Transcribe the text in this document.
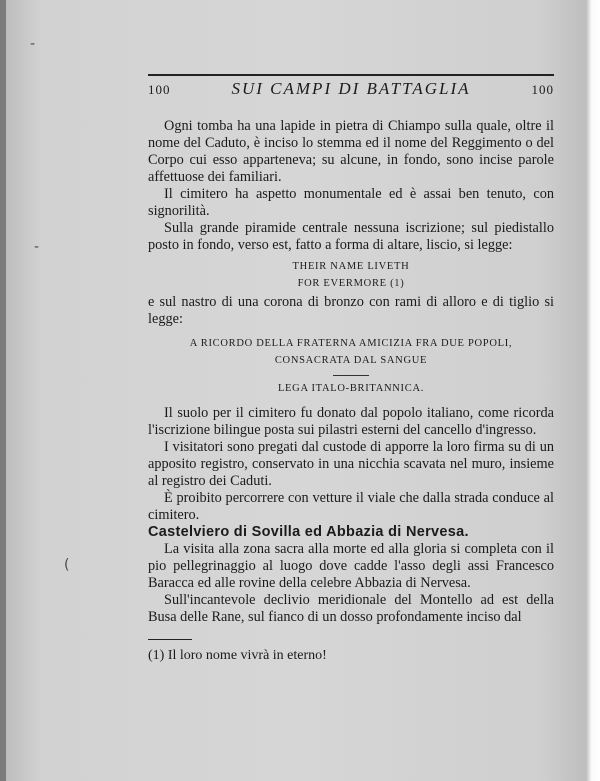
-
-
(
100	SUI CAMPI DI BATTAGLIA	100

Ogni tomba ha una lapide in pietra di Chiampo sulla quale, oltre il nome del Caduto, è inciso lo stemma ed il nome del Reggimento o del Corpo cui esso apparteneva; su alcune, in fondo, sono incise parole affettuose dei familiari.

Il cimitero ha aspetto monumentale ed è assai ben tenuto, con signorilità.

Sulla grande piramide centrale nessuna iscrizione; sul piedistallo posto in fondo, verso est, fatto a forma di altare, liscio, si legge:

THEIR NAME LIVETH

FOR EVERMORE (1)

e sul nastro di una corona di bronzo con rami di alloro e di tiglio si legge:

A RICORDO DELLA FRATERNA AMICIZIA FRA DUE POPOLI,

CONSACRATA DAL SANGUE

LEGA ITALO-BRITANNICA.

Il suolo per il cimitero fu donato dal popolo italiano, come ricorda l'iscrizione bilingue posta sui pilastri esterni del cancello d'ingresso.

I visitatori sono pregati dal custode di apporre la loro firma su di un apposito registro, conservato in una nicchia scavata nel muro, insieme al registro dei Caduti.

È proibito percorrere con vetture il viale che dalla strada conduce al cimitero.

Castelviero di Sovilla ed Abbazia di Nervesa.

La visita alla zona sacra alla morte ed alla gloria si completa con il pio pellegrinaggio al luogo dove cadde l'asso degli assi Francesco Baracca ed alle rovine della celebre Abbazia di Nervesa.

Sull'incantevole declivio meridionale del Montello ad est della Busa delle Rane, sul fianco di un dosso profondamente inciso dal

(1) Il loro nome vivrà in eterno!
